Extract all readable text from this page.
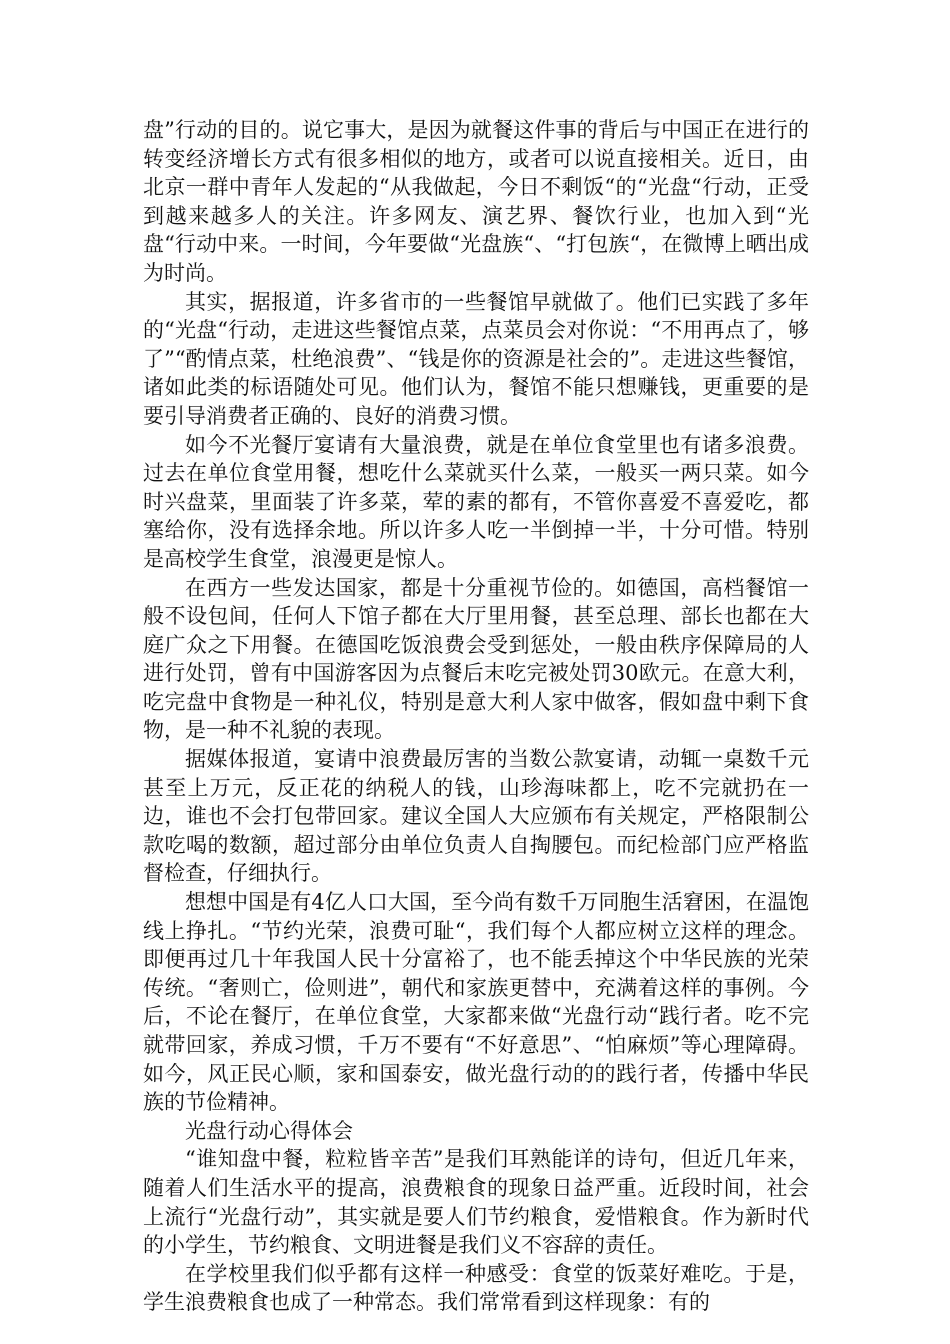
盘”行动的目的。说它事大，是因为就餐这件事的背后与中国正在进行的转变经济增长方式有很多相似的地方，或者可以说直接相关。近日，由北京一群中青年人发起的“从我做起，今日不剩饭“的“光盘“行动，正受到越来越多人的关注。许多网友、演艺界、餐饮行业，也加入到“光盘“行动中来。一时间，今年要做“光盘族“、“打包族“，在微博上晒出成为时尚。

其实，据报道，许多省市的一些餐馆早就做了。他们已实践了多年的“光盘“行动，走进这些餐馆点菜，点菜员会对你说：“不用再点了，够了”“酌情点菜，杜绝浪费”、“钱是你的资源是社会的”。走进这些餐馆，诸如此类的标语随处可见。他们认为，餐馆不能只想赚钱，更重要的是要引导消费者正确的、良好的消费习惯。

如今不光餐厅宴请有大量浪费，就是在单位食堂里也有诸多浪费。过去在单位食堂用餐，想吃什么菜就买什么菜，一般买一两只菜。如今时兴盘菜，里面装了许多菜，荤的素的都有，不管你喜爱不喜爱吃，都塞给你，没有选择余地。所以许多人吃一半倒掉一半，十分可惜。特别是高校学生食堂，浪漫更是惊人。

在西方一些发达国家，都是十分重视节俭的。如德国，高档餐馆一般不设包间，任何人下馆子都在大厅里用餐，甚至总理、部长也都在大庭广众之下用餐。在德国吃饭浪费会受到惩处，一般由秩序保障局的人进行处罚，曾有中国游客因为点餐后末吃完被处罚30欧元。在意大利，吃完盘中食物是一种礼仪，特别是意大利人家中做客，假如盘中剩下食物，是一种不礼貌的表现。

据媒体报道，宴请中浪费最厉害的当数公款宴请，动辄一桌数千元甚至上万元，反正花的纳税人的钱，山珍海味都上，吃不完就扔在一边，谁也不会打包带回家。建议全国人大应颁布有关规定，严格限制公款吃喝的数额，超过部分由单位负责人自掏腰包。而纪检部门应严格监督检查，仔细执行。

想想中国是有4亿人口大国，至今尚有数千万同胞生活窘困，在温饱线上挣扎。“节约光荣，浪费可耻“，我们每个人都应树立这样的理念。即便再过几十年我国人民十分富裕了，也不能丢掉这个中华民族的光荣传统。“奢则亡，俭则进”，朝代和家族更替中，充满着这样的事例。今后，不论在餐厅，在单位食堂，大家都来做“光盘行动“践行者。吃不完就带回家，养成习惯，千万不要有“不好意思”、“怕麻烦”等心理障碍。如今，风正民心顺，家和国泰安，做光盘行动的的践行者，传播中华民族的节俭精神。

光盘行动心得体会

“谁知盘中餐，粒粒皆辛苦”是我们耳熟能详的诗句，但近几年来，随着人们生活水平的提高，浪费粮食的现象日益严重。近段时间，社会上流行“光盘行动”，其实就是要人们节约粮食，爱惜粮食。作为新时代的小学生，节约粮食、文明进餐是我们义不容辞的责任。

在学校里我们似乎都有这样一种感受：食堂的饭菜好难吃。于是，学生浪费粮食也成了一种常态。我们常常看到这样现象：有的
